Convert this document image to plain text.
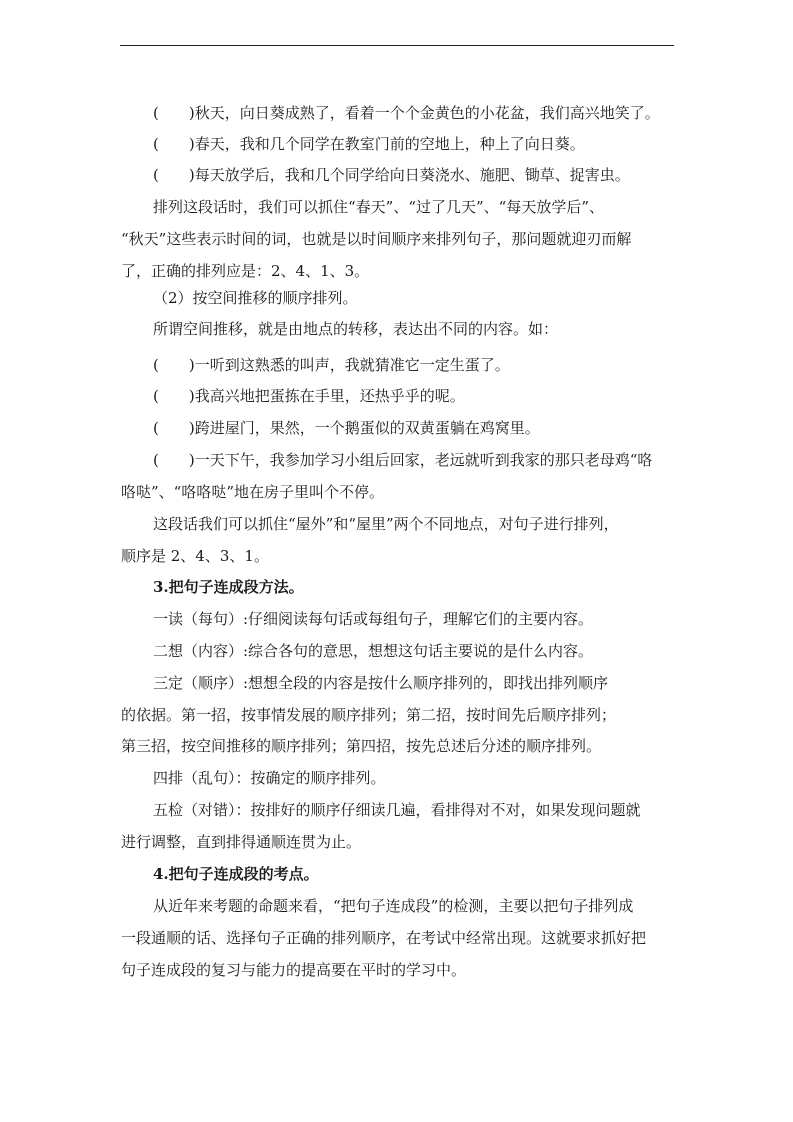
(　　)秋天，向日葵成熟了，看着一个个金黄色的小花盆，我们高兴地笑了。
(　　)春天，我和几个同学在教室门前的空地上，种上了向日葵。
(　　)每天放学后，我和几个同学给向日葵浇水、施肥、锄草、捉害虫。
排列这段话时，我们可以抓住“春天”、“过了几天”、“每天放学后”、
“秋天”这些表示时间的词，也就是以时间顺序来排列句子，那问题就迎刃而解
了，正确的排列应是：2、4、1、3。
（2）按空间推移的顺序排列。
所谓空间推移，就是由地点的转移，表达出不同的内容。如：
(　　)一听到这熟悉的叫声，我就猜准它一定生蛋了。
(　　)我高兴地把蛋拣在手里，还热乎乎的呢。
(　　)跨进屋门，果然，一个鹅蛋似的双黄蛋躺在鸡窝里。
(　　)一天下午，我参加学习小组后回家，老远就听到我家的那只老母鸡“咯
咯哒”、“咯咯哒”地在房子里叫个不停。
这段话我们可以抓住“屋外”和“屋里”两个不同地点，对句子进行排列，
顺序是 2、4、3、1。
3.把句子连成段方法。
一读（每句）:仔细阅读每句话或每组句子，理解它们的主要内容。
二想（内容）:综合各句的意思，想想这句话主要说的是什么内容。
三定（顺序）:想想全段的内容是按什么顺序排列的，即找出排列顺序
的依据。第一招，按事情发展的顺序排列；第二招，按时间先后顺序排列；
第三招，按空间推移的顺序排列；第四招，按先总述后分述的顺序排列。
四排（乱句）：按确定的顺序排列。
五检（对错）：按排好的顺序仔细读几遍，看排得对不对，如果发现问题就
进行调整，直到排得通顺连贯为止。
4.把句子连成段的考点。
从近年来考题的命题来看，“把句子连成段”的检测，主要以把句子排列成
一段通顺的话、选择句子正确的排列顺序，在考试中经常出现。这就要求抓好把
句子连成段的复习与能力的提高要在平时的学习中。
